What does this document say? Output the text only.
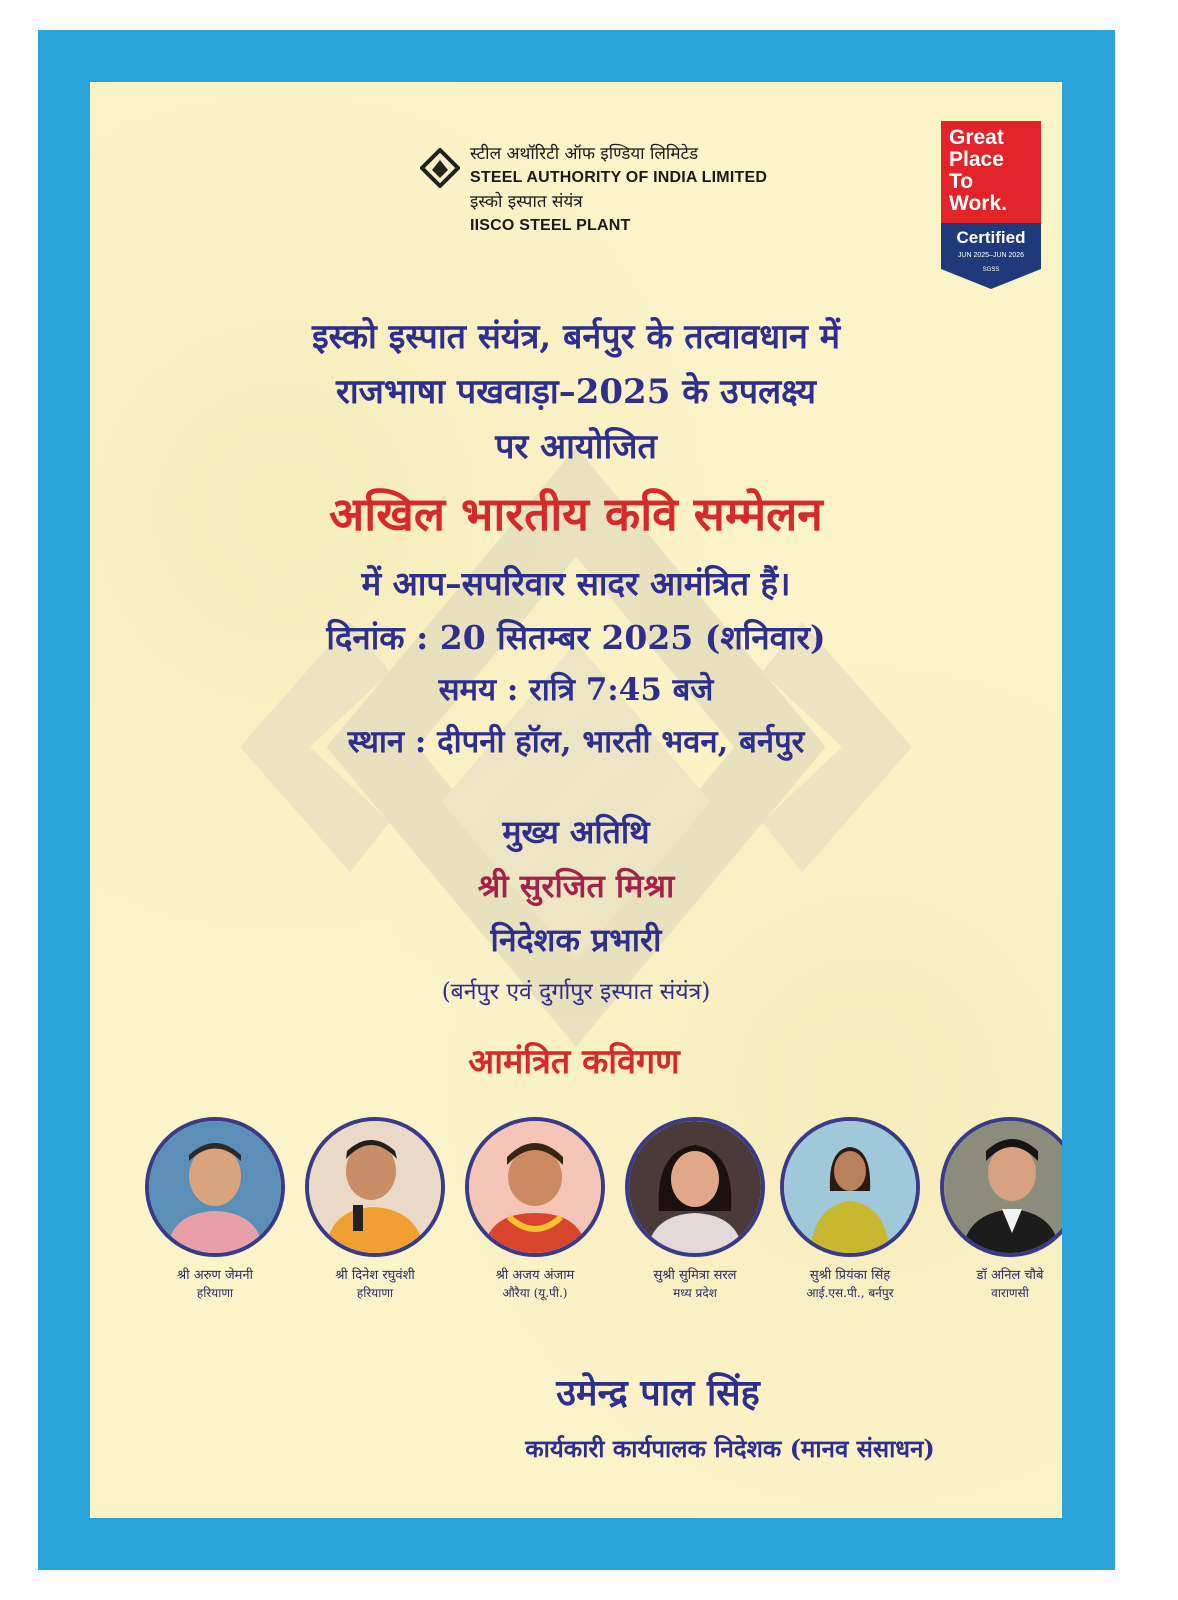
स्टील अथॉरिटी ऑफ इण्डिया लिमिटेड
STEEL AUTHORITY OF INDIA LIMITED
इस्को इस्पात संयंत्र
IISCO STEEL PLANT
Great
Place
To
Work.
Certified
JUN 2025–JUN 2026
SGSS
इस्को इस्पात संयंत्र, बर्नपुर के तत्वावधान में
राजभाषा पखवाड़ा–2025 के उपलक्ष्य
पर आयोजित
अखिल भारतीय कवि सम्मेलन
में आप–सपरिवार सादर आमंत्रित हैं।
दिनांक : 20 सितम्बर 2025 (शनिवार)
समय : रात्रि 7:45 बजे
स्थान : दीपनी हॉल, भारती भवन, बर्नपुर
मुख्य अतिथि
श्री सुरजित मिश्रा
निदेशक प्रभारी
(बर्नपुर एवं दुर्गापुर इस्पात संयंत्र)
आमंत्रित कविगण
श्री अरुण जेमनी
हरियाणा
श्री दिनेश रघुवंशी
हरियाणा
श्री अजय अंजाम
औरैया (यू.पी.)
सुश्री सुमित्रा सरल
मध्य प्रदेश
सुश्री प्रियंका सिंह
आई.एस.पी., बर्नपुर
डॉ अनिल चौबे
वाराणसी
उमेन्द्र पाल सिंह
कार्यकारी कार्यपालक निदेशक (मानव संसाधन)
